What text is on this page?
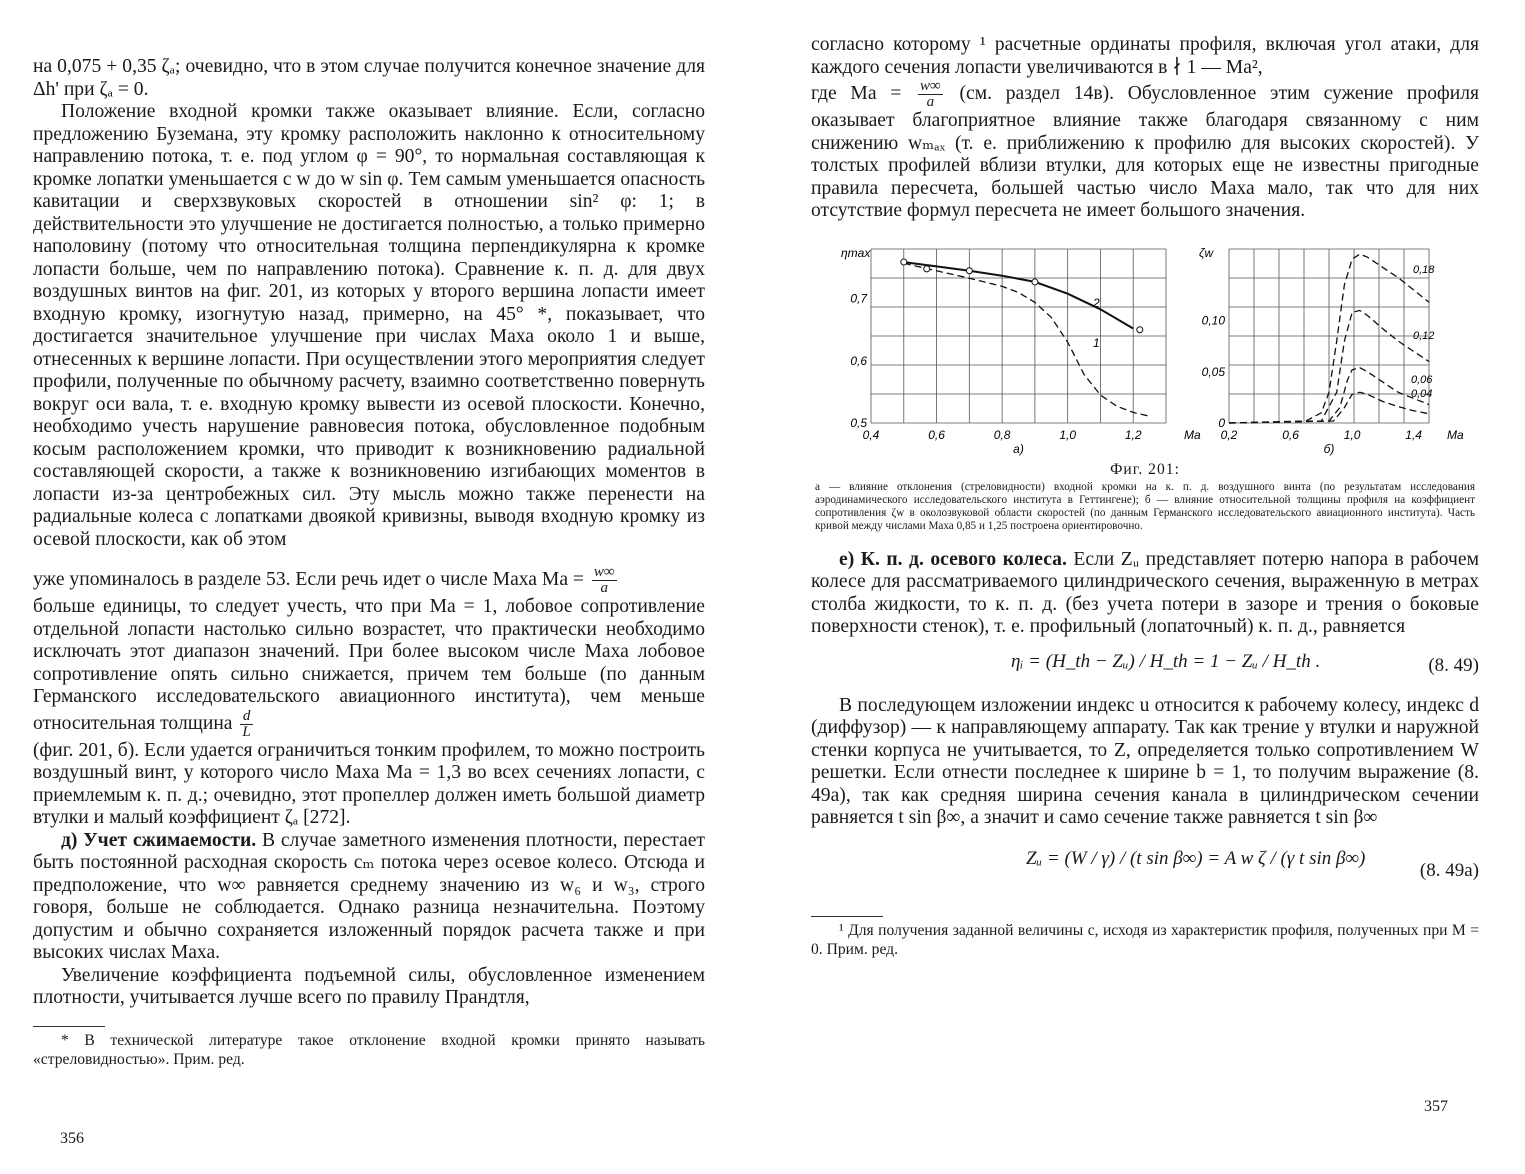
на 0,075 + 0,35 ζₐ; очевидно, что в этом случае получится конечное значение для Δh' при ζₐ = 0.

Положение входной кромки также оказывает влияние. Если, согласно предложению Буземана, эту кромку расположить наклонно к относительному направлению потока, т. е. под углом φ = 90°, то нормальная составляющая к кромке лопатки уменьшается с w до w sin φ. Тем самым уменьшается опасность кавитации и сверхзвуковых скоростей в отношении sin² φ: 1; в действительности это улучшение не достигается полностью, а только примерно наполовину (потому что относительная толщина перпендикулярна к кромке лопасти больше, чем по направлению потока). Сравнение к. п. д. для двух воздушных винтов на фиг. 201, из которых у второго вершина лопасти имеет входную кромку, изогнутую назад, примерно, на 45° *, показывает, что достигается значительное улучшение при числах Маха около 1 и выше, отнесенных к вершине лопасти. При осуществлении этого мероприятия следует профили, полученные по обычному расчету, взаимно соответственно повернуть вокруг оси вала, т. е. входную кромку вывести из осевой плоскости. Конечно, необходимо учесть нарушение равновесия потока, обусловленное подобным косым расположением кромки, что приводит к возникновению радиальной составляющей скорости, а также к возникновению изгибающих моментов в лопасти из-за центробежных сил. Эту мысль можно также перенести на радиальные колеса с лопатками двоякой кривизны, выводя входную кромку из осевой плоскости, как об этом

уже упоминалось в разделе 53. Если речь идет о числе Маха $Ma = \frac{w\infty}{a}$

больше единицы, то следует учесть, что при Ma = 1, лобовое сопротивление отдельной лопасти настолько сильно возрастет, что практически необходимо исключать этот диапазон значений. При более высоком числе Маха лобовое сопротивление опять сильно снижается, причем тем больше (по данным Германского исследовательского авиационного института), чем меньше относительная толщина $\frac{d}{L}$

(фиг. 201, б). Если удается ограничиться тонким профилем, то можно построить воздушный винт, у которого число Маха Ma = 1,3 во всех сечениях лопасти, с приемлемым к. п. д.; очевидно, этот пропеллер должен иметь большой диаметр втулки и малый коэффициент ζₐ [272].

д) Учет сжимаемости. В случае заметного изменения плотности, перестает быть постоянной расходная скорость cₘ потока через осевое колесо. Отсюда и предположение, что w∞ равняется среднему значению из w₆ и w₃, строго говоря, больше не соблюдается. Однако разница незначительна. Поэтому допустим и обычно сохраняется изложенный порядок расчета также и при высоких числах Маха.

Увеличение коэффициента подъемной силы, обусловленное изменением плотности, учитывается лучше всего по правилу Прандтля,

* В технической литературе такое отклонение входной кромки принято называть «стреловидностью». Прим. ред.

356

согласно которому ¹ расчетные ординаты профиля, включая угол атаки, для каждого сечения лопасти увеличиваются в ∤ 1 — Ma²,

где $Ma = \frac{w\infty}{a} (см$. раздел 14в). Обусловленное этим сужение профиля оказывает благоприятное влияние также благодаря связанному с ним снижению wₘₐₓ (т. е. приближению к профилю для высоких скоростей). У толстых профилей вблизи втулки, для которых еще не известны пригодные правила пересчета, большей частью число Маха мало, так что для них отсутствие формул пересчета не имеет большого значения.

0,4	0,6	0,8	1,0	1,2
0,5
0,6
0,7
ηmax
Ma
а)
2
1
0,2	0,6	1,0	1,4
0
0,05
0,10
ζw
Ma
б)
0,18
0,12
0,06
0,04
Фиг. 201:

а — влияние отклонения (стреловидности) входной кромки на к. п. д. воздушного винта (по результатам исследования аэродинамического исследовательского института в Геттингене); б — влияние относительной толщины профиля на коэффициент сопротивления ζw в околозвуковой области скоростей (по данным Германского исследовательского авиационного института). Часть кривой между числами Маха 0,85 и 1,25 построена ориентировочно.

е) К. п. д. осевого колеса. Если Zᵤ представляет потерю напора в рабочем колесе для рассматриваемого цилиндрического сечения, выраженную в метрах столба жидкости, то к. п. д. (без учета потери в зазоре и трения о боковые поверхности стенок), т. е. профильный (лопаточный) к. п. д., равняется

ηᵢ = (H_th − Zᵤ) / H_th = 1 − Zᵤ / H_th .	(8. 49)

В последующем изложении индекс u относится к рабочему колесу, индекс d (диффузор) — к направляющему аппарату. Так как трение у втулки и наружной стенки корпуса не учитывается, то Z, определяется только сопротивлением W решетки. Если отнести последнее к ширине b = 1, то получим выражение (8. 49а), так как средняя ширина сечения канала в цилиндрическом сечении равняется t sin β∞, а значит и само сечение также равняется t sin β∞

Zᵤ = (W / γ) / (t sin β∞) = A w ζ / (γ t sin β∞)
(8. 49а)

¹ Для получения заданной величины c, исходя из характеристик профиля, полученных при M = 0. Прим. ред.

357
